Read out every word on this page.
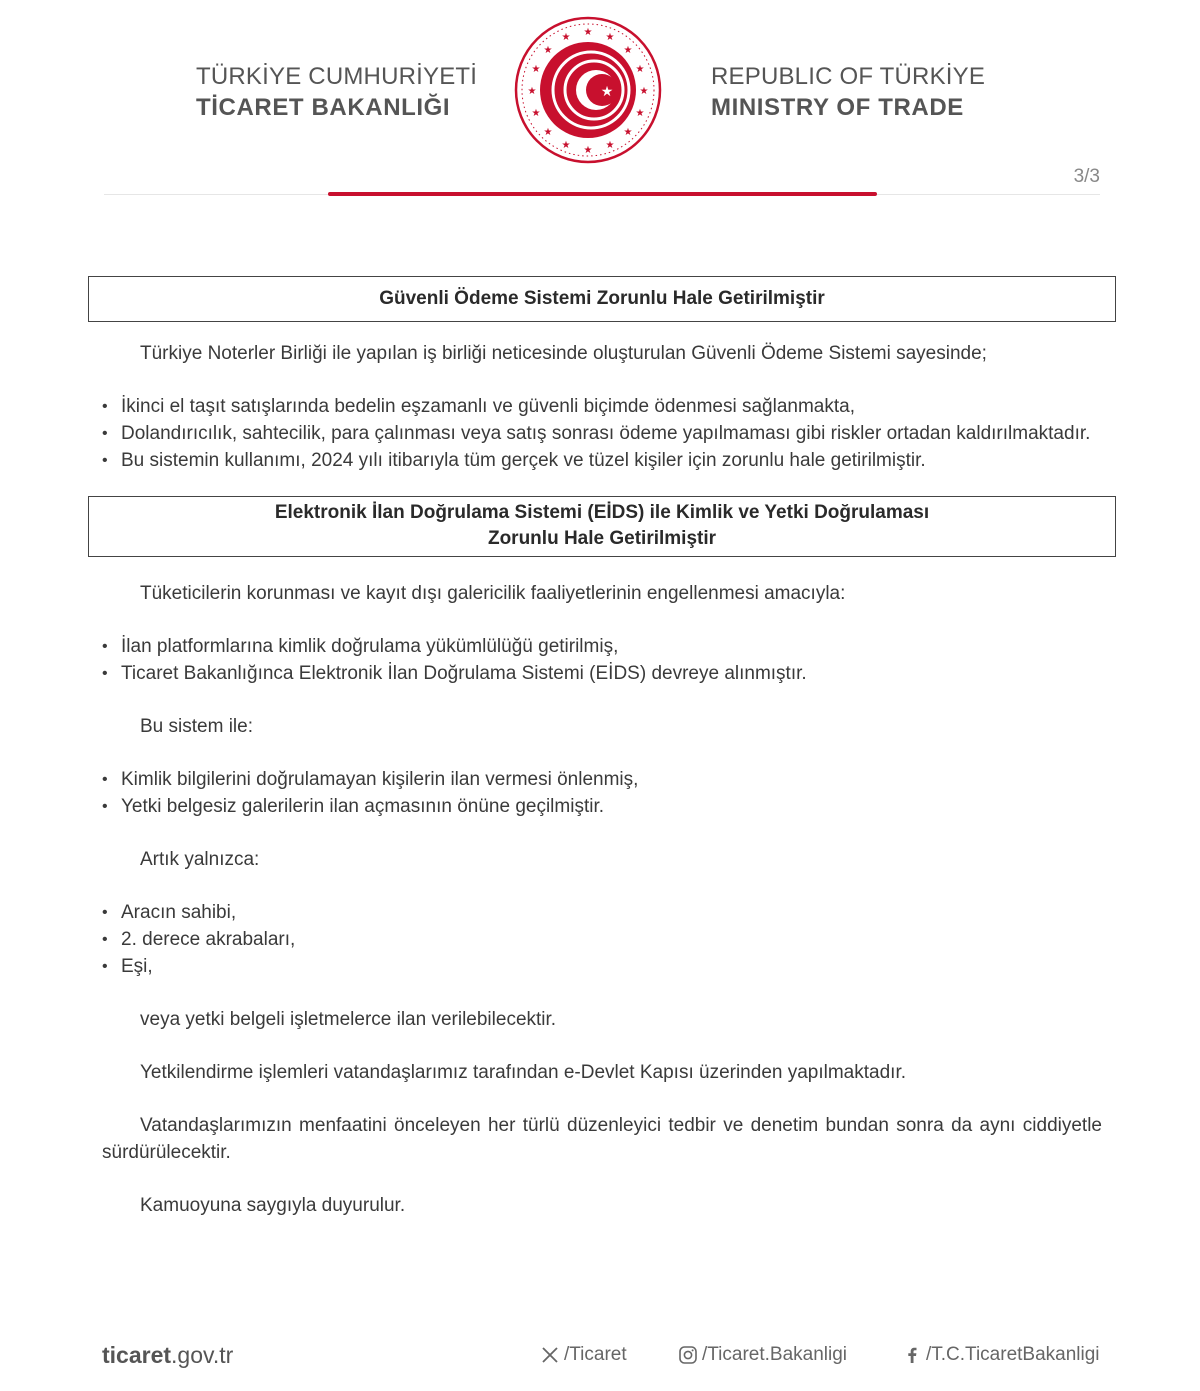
TÜRKİYE CUMHURİYETİ
TİCARET BAKANLIĞI
★ ★
★
★
★
★
★
★
★
★
★
★
★
★
★
★
★
REPUBLIC OF TÜRKİYE
MINISTRY OF TRADE
3/3
Güvenli Ödeme Sistemi Zorunlu Hale Getirilmiştir

Türkiye Noterler Birliği ile yapılan iş birliği neticesinde oluşturulan Güvenli Ödeme Sistemi sayesinde;

• İkinci el taşıt satışlarında bedelin eşzamanlı ve güvenli biçimde ödenmesi sağlanmakta,
• Dolandırıcılık, sahtecilik, para çalınması veya satış sonrası ödeme yapılmaması gibi riskler ortadan kaldırılmaktadır.
• Bu sistemin kullanımı, 2024 yılı itibarıyla tüm gerçek ve tüzel kişiler için zorunlu hale getirilmiştir.
Elektronik İlan Doğrulama Sistemi (EİDS) ile Kimlik ve Yetki Doğrulaması
Zorunlu Hale Getirilmiştir

Tüketicilerin korunması ve kayıt dışı galericilik faaliyetlerinin engellenmesi amacıyla:

• İlan platformlarına kimlik doğrulama yükümlülüğü getirilmiş,
• Ticaret Bakanlığınca Elektronik İlan Doğrulama Sistemi (EİDS) devreye alınmıştır.

Bu sistem ile:

• Kimlik bilgilerini doğrulamayan kişilerin ilan vermesi önlenmiş,
• Yetki belgesiz galerilerin ilan açmasının önüne geçilmiştir.

Artık yalnızca:

• Aracın sahibi,
• 2. derece akrabaları,
• Eşi,

veya yetki belgeli işletmelerce ilan verilebilecektir.

Yetkilendirme işlemleri vatandaşlarımız tarafından e-Devlet Kapısı üzerinden yapılmaktadır.

Vatandaşlarımızın menfaatini önceleyen her türlü düzenleyici tedbir ve denetim bundan sonra da aynı ciddiyetle sürdürülecektir.

Kamuoyuna saygıyla duyurulur.

ticaret.gov.tr	/Ticaret	/Ticaret.Bakanligi	/T.C.TicaretBakanligi
